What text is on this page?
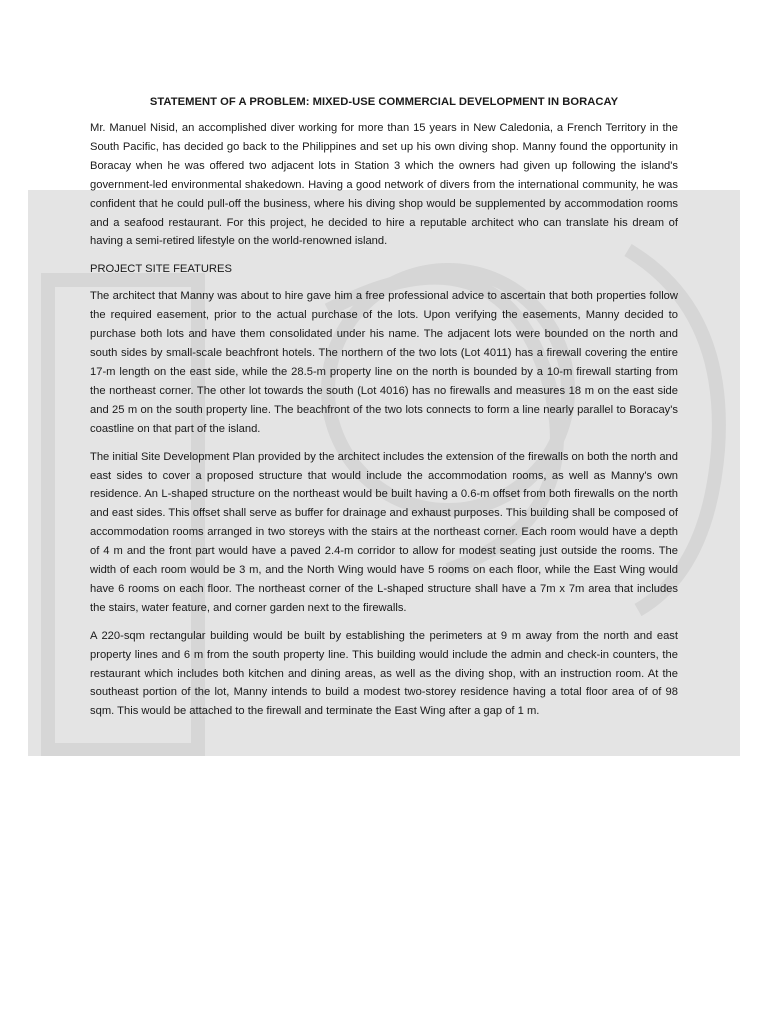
STATEMENT OF A PROBLEM: MIXED-USE COMMERCIAL DEVELOPMENT IN BORACAY

Mr. Manuel Nisid, an accomplished diver working for more than 15 years in New Caledonia, a French Territory in the South Pacific, has decided go back to the Philippines and set up his own diving shop. Manny found the opportunity in Boracay when he was offered two adjacent lots in Station 3 which the owners had given up following the island's government-led environmental shakedown. Having a good network of divers from the international community, he was confident that he could pull-off the business, where his diving shop would be supplemented by accommodation rooms and a seafood restaurant. For this project, he decided to hire a reputable architect who can translate his dream of having a semi-retired lifestyle on the world-renowned island.

PROJECT SITE FEATURES

The architect that Manny was about to hire gave him a free professional advice to ascertain that both properties follow the required easement, prior to the actual purchase of the lots. Upon verifying the easements, Manny decided to purchase both lots and have them consolidated under his name. The adjacent lots were bounded on the north and south sides by small-scale beachfront hotels. The northern of the two lots (Lot 4011) has a firewall covering the entire 17-m length on the east side, while the 28.5-m property line on the north is bounded by a 10-m firewall starting from the northeast corner. The other lot towards the south (Lot 4016) has no firewalls and measures 18 m on the east side and 25 m on the south property line. The beachfront of the two lots connects to form a line nearly parallel to Boracay's coastline on that part of the island.

The initial Site Development Plan provided by the architect includes the extension of the firewalls on both the north and east sides to cover a proposed structure that would include the accommodation rooms, as well as Manny's own residence. An L-shaped structure on the northeast would be built having a 0.6-m offset from both firewalls on the north and east sides. This offset shall serve as buffer for drainage and exhaust purposes. This building shall be composed of accommodation rooms arranged in two storeys with the stairs at the northeast corner. Each room would have a depth of 4 m and the front part would have a paved 2.4-m corridor to allow for modest seating just outside the rooms. The width of each room would be 3 m, and the North Wing would have 5 rooms on each floor, while the East Wing would have 6 rooms on each floor. The northeast corner of the L-shaped structure shall have a 7m x 7m area that includes the stairs, water feature, and corner garden next to the firewalls.

A 220-sqm rectangular building would be built by establishing the perimeters at 9 m away from the north and east property lines and 6 m from the south property line. This building would include the admin and check-in counters, the restaurant which includes both kitchen and dining areas, as well as the diving shop, with an instruction room. At the southeast portion of the lot, Manny intends to build a modest two-storey residence having a total floor area of of 98 sqm. This would be attached to the firewall and terminate the East Wing after a gap of 1 m.
